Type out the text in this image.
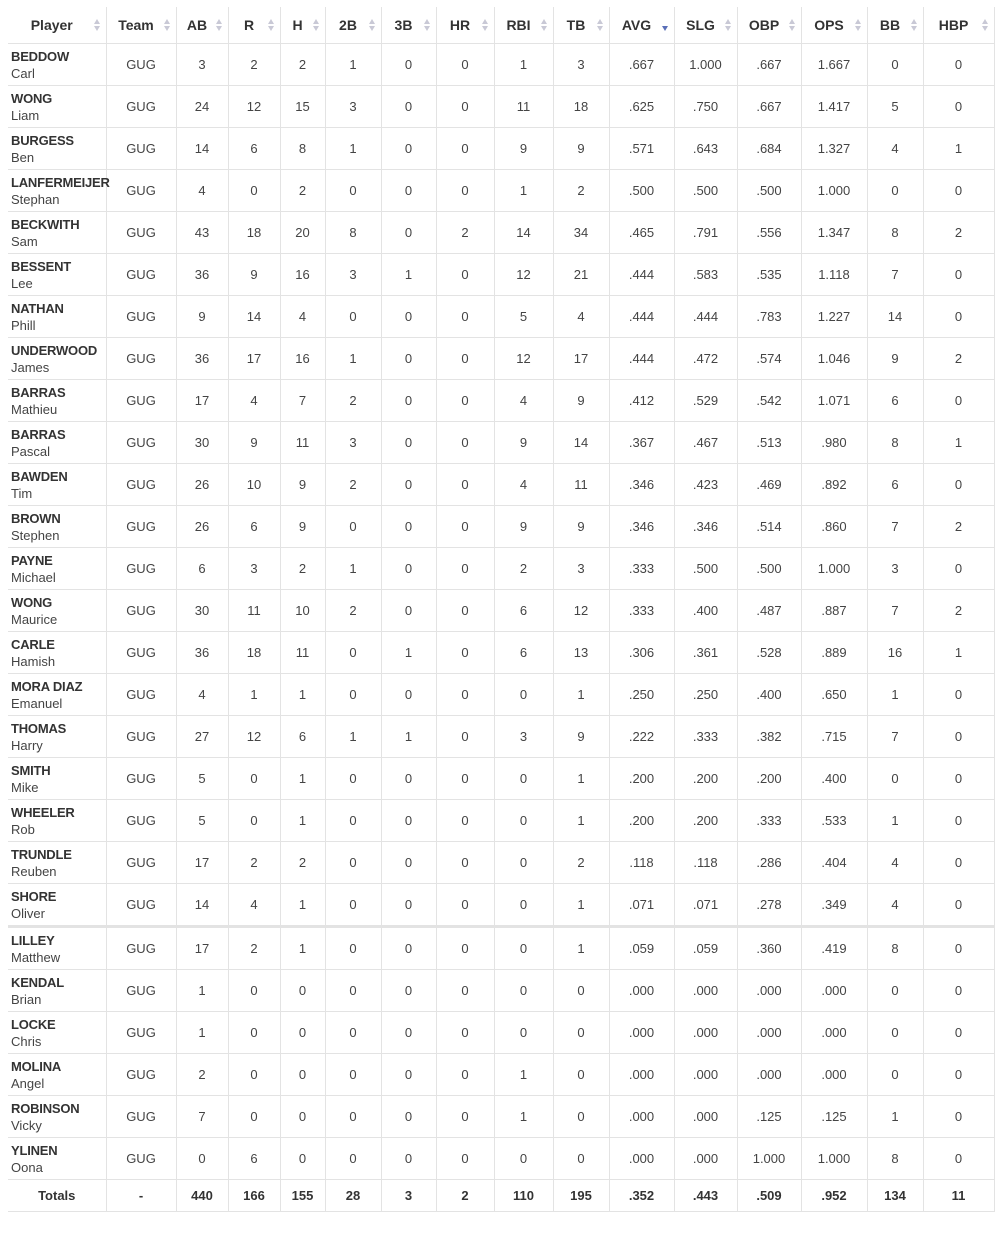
Player	Team	AB	R	H	2B	3B	HR	RBI	TB	AVG	SLG	OBP	OPS	BB	HBP

BEDDOW
Carl	GUG	3	2	2	1	0	0	1	3	.667	1.000	.667	1.667	0	0

WONG
Liam	GUG	24	12	15	3	0	0	11	18	.625	.750	.667	1.417	5	0

BURGESS
Ben	GUG	14	6	8	1	0	0	9	9	.571	.643	.684	1.327	4	1

LANFERMEIJER
Stephan	GUG	4	0	2	0	0	0	1	2	.500	.500	.500	1.000	0	0

BECKWITH
Sam	GUG	43	18	20	8	0	2	14	34	.465	.791	.556	1.347	8	2

BESSENT
Lee	GUG	36	9	16	3	1	0	12	21	.444	.583	.535	1.118	7	0

NATHAN
Phill	GUG	9	14	4	0	0	0	5	4	.444	.444	.783	1.227	14	0

UNDERWOOD
James	GUG	36	17	16	1	0	0	12	17	.444	.472	.574	1.046	9	2

BARRAS
Mathieu	GUG	17	4	7	2	0	0	4	9	.412	.529	.542	1.071	6	0

BARRAS
Pascal	GUG	30	9	11	3	0	0	9	14	.367	.467	.513	.980	8	1

BAWDEN
Tim	GUG	26	10	9	2	0	0	4	11	.346	.423	.469	.892	6	0

BROWN
Stephen	GUG	26	6	9	0	0	0	9	9	.346	.346	.514	.860	7	2

PAYNE
Michael	GUG	6	3	2	1	0	0	2	3	.333	.500	.500	1.000	3	0

WONG
Maurice	GUG	30	11	10	2	0	0	6	12	.333	.400	.487	.887	7	2

CARLE
Hamish	GUG	36	18	11	0	1	0	6	13	.306	.361	.528	.889	16	1

MORA DIAZ
Emanuel	GUG	4	1	1	0	0	0	0	1	.250	.250	.400	.650	1	0

THOMAS
Harry	GUG	27	12	6	1	1	0	3	9	.222	.333	.382	.715	7	0

SMITH
Mike	GUG	5	0	1	0	0	0	0	1	.200	.200	.200	.400	0	0

WHEELER
Rob	GUG	5	0	1	0	0	0	0	1	.200	.200	.333	.533	1	0

TRUNDLE
Reuben	GUG	17	2	2	0	0	0	0	2	.118	.118	.286	.404	4	0

SHORE
Oliver	GUG	14	4	1	0	0	0	0	1	.071	.071	.278	.349	4	0

LILLEY
Matthew	GUG	17	2	1	0	0	0	0	1	.059	.059	.360	.419	8	0

KENDAL
Brian	GUG	1	0	0	0	0	0	0	0	.000	.000	.000	.000	0	0

LOCKE
Chris	GUG	1	0	0	0	0	0	0	0	.000	.000	.000	.000	0	0

MOLINA
Angel	GUG	2	0	0	0	0	0	1	0	.000	.000	.000	.000	0	0

ROBINSON
Vicky	GUG	7	0	0	0	0	0	1	0	.000	.000	.125	.125	1	0

YLINEN
Oona	GUG	0	6	0	0	0	0	0	0	.000	.000	1.000	1.000	8	0
Totals	-	440	166	155	28	3	2	110	195	.352	.443	.509	.952	134	11
